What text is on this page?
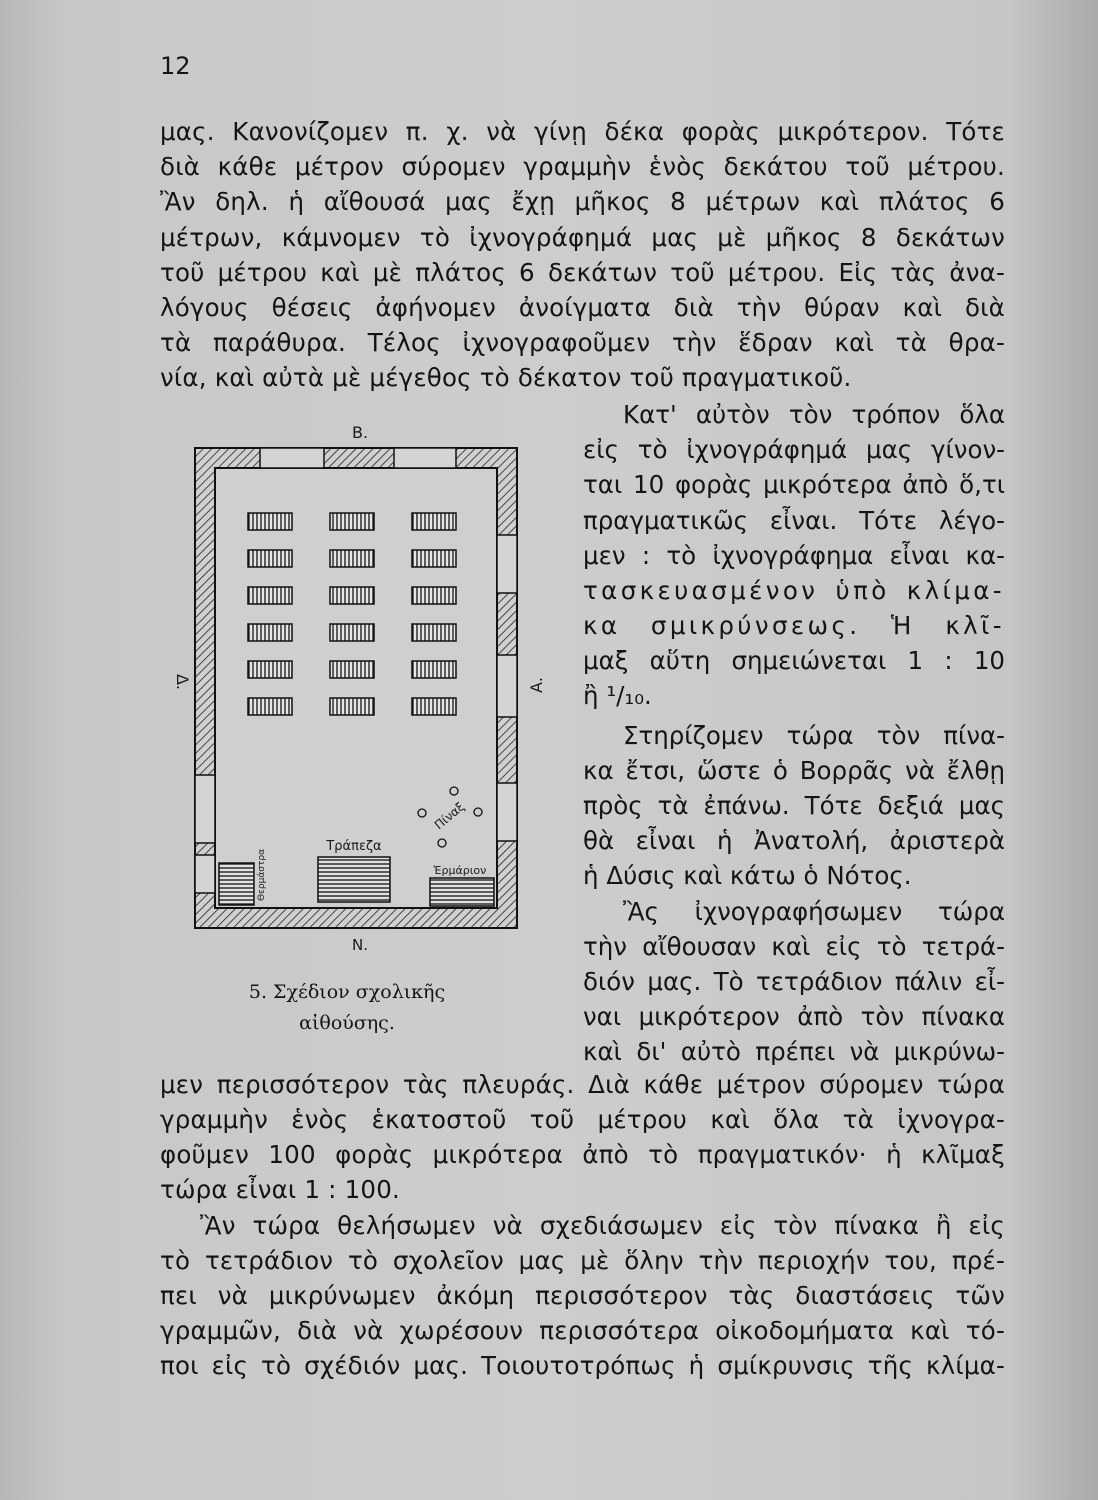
12
μας. Κανονίζομεν π. χ. νὰ γίνῃ δέκα φορὰς μικρότερον. Τότε
διὰ κάθε μέτρον σύρομεν γραμμὴν ἑνὸς δεκάτου τοῦ μέτρου.
Ἂν δηλ. ἡ αἴθουσά μας ἔχῃ μῆκος 8 μέτρων καὶ πλάτος 6
μέτρων, κάμνομεν τὸ ἰχνογράφημά μας μὲ μῆκος 8 δεκάτων
τοῦ μέτρου καὶ μὲ πλάτος 6 δεκάτων τοῦ μέτρου. Εἰς τὰς ἀνα-
λόγους θέσεις ἀφήνομεν ἀνοίγματα διὰ τὴν θύραν καὶ διὰ
τὰ παράθυρα. Τέλος ἰχνογραφοῦμεν τὴν ἕδραν καὶ τὰ θρα-
νία, καὶ αὐτὰ μὲ μέγεθος τὸ δέκατον τοῦ πραγματικοῦ.
Κατ' αὐτὸν τὸν τρόπον ὅλα
εἰς τὸ ἰχνογράφημά μας γίνον-
ται 10 φορὰς μικρότερα ἀπὸ ὅ,τι
πραγματικῶς εἶναι. Τότε λέγο-
μεν : τὸ ἰχνογράφημα εἶναι κα-
τασκευασμένον ὑπὸ κλίμα-
κα σμικρύνσεως. Ἡ κλῖ-
μαξ αὕτη σημειώνεται 1 : 10
ἢ ¹/₁₀.
Στηρίζομεν τώρα τὸν πίνα-
κα ἔτσι, ὥστε ὁ Βορρᾶς νὰ ἔλθῃ
πρὸς τὰ ἐπάνω. Τότε δεξιά μας
θὰ εἶναι ἡ Ἀνατολή, ἀριστερὰ
ἡ Δύσις καὶ κάτω ὁ Νότος.
Ἂς ἰχνογραφήσωμεν τώρα
τὴν αἴθουσαν καὶ εἰς τὸ τετρά-
διόν μας. Τὸ τετράδιον πάλιν εἶ-
ναι μικρότερον ἀπὸ τὸν πίνακα
καὶ δι' αὐτὸ πρέπει νὰ μικρύνω-
μεν περισσότερον τὰς πλευράς. Διὰ κάθε μέτρον σύρομεν τώρα
γραμμὴν ἑνὸς ἑκατοστοῦ τοῦ μέτρου καὶ ὅλα τὰ ἰχνογρα-
φοῦμεν 100 φορὰς μικρότερα ἀπὸ τὸ πραγματικόν· ἡ κλῖμαξ
τώρα εἶναι 1 : 100.
Ἂν τώρα θελήσωμεν νὰ σχεδιάσωμεν εἰς τὸν πίνακα ἢ εἰς
τὸ τετράδιον τὸ σχολεῖον μας μὲ ὅλην τὴν περιοχήν του, πρέ-
πει νὰ μικρύνωμεν ἀκόμη περισσότερον τὰς διαστάσεις τῶν
γραμμῶν, διὰ νὰ χωρέσουν περισσότερα οἰκοδομήματα καὶ τό-
ποι εἰς τὸ σχέδιόν μας. Τοιουτοτρόπως ἡ σμίκρυνσις τῆς κλίμα-
Τράπεζα
Ἑρμάριον
Θερμάστρα
Πίναξ
Β.
Ν.
Δ.	Α.
5. Σχέδιον σχολικῆς
αἰθούσης.
